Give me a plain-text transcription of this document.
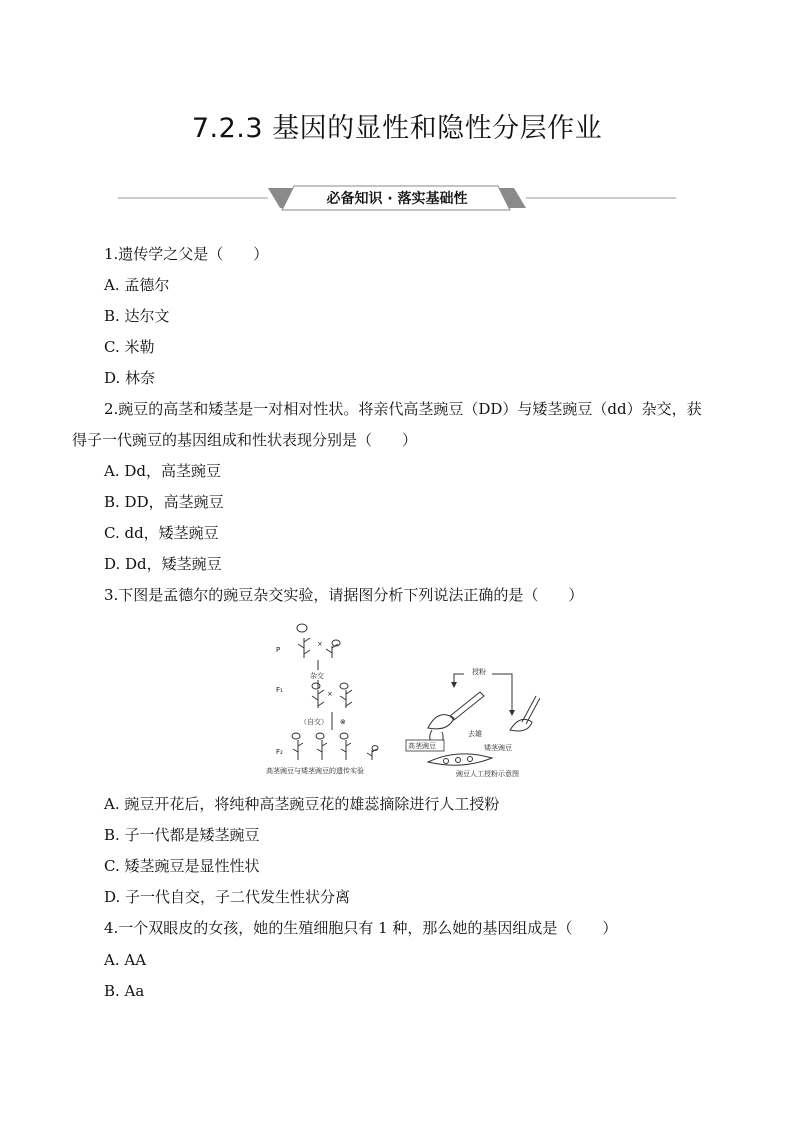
7.2.3 基因的显性和隐性分层作业
必备知识 · 落实基础性
1.遗传学之父是（　　）
A. 孟德尔
B. 达尔文
C. 米勒
D. 林奈
2.豌豆的高茎和矮茎是一对相对性状。将亲代高茎豌豆（DD）与矮茎豌豆（dd）杂交，获
得子一代豌豆的基因组成和性状表现分别是（　　）
A. Dd，高茎豌豆
B. DD，高茎豌豆
C. dd，矮茎豌豆
D. Dd，矮茎豌豆
3.下图是孟德尔的豌豆杂交实验，请据图分析下列说法正确的是（　　）
P
F₁
F₂
×
杂交
×
（自交） ⊗
高茎豌豆与矮茎豌豆的遗传实验
授粉
去雄
高茎豌豆	矮茎豌豆
豌豆人工授粉示意图
A. 豌豆开花后，将纯种高茎豌豆花的雄蕊摘除进行人工授粉
B. 子一代都是矮茎豌豆
C. 矮茎豌豆是显性性状
D. 子一代自交，子二代发生性状分离
4.一个双眼皮的女孩，她的生殖细胞只有 1 种，那么她的基因组成是（　　）
A. AA
B. Aa
